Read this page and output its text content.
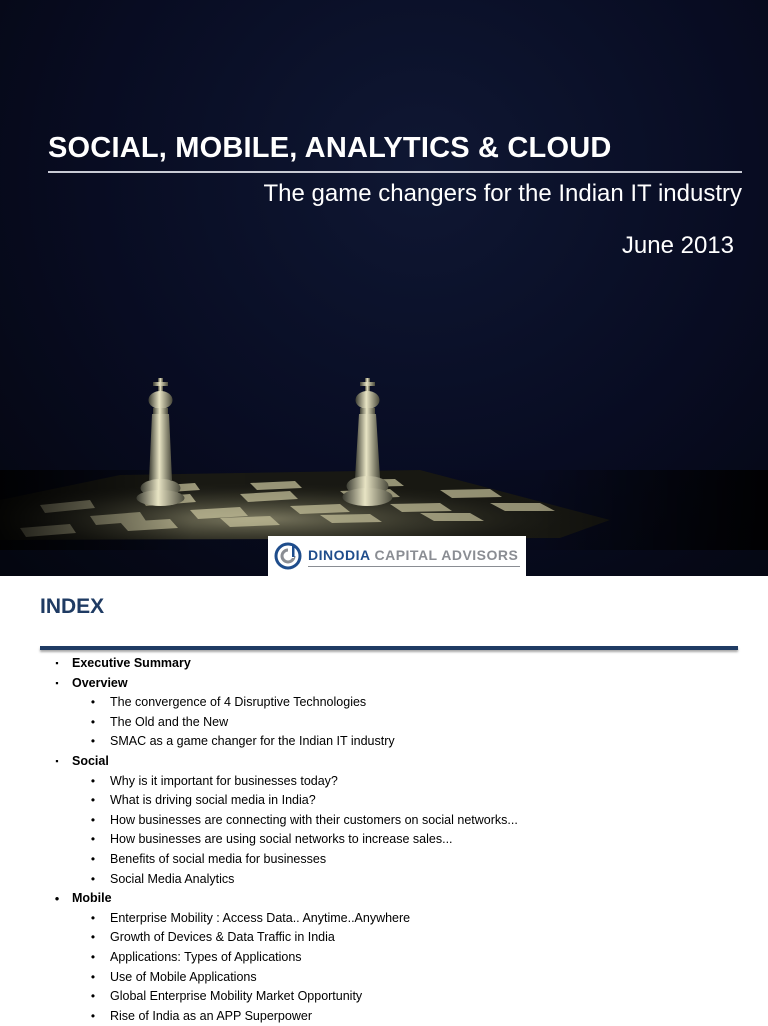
SOCIAL, MOBILE, ANALYTICS & CLOUD
The game changers for the Indian IT industry
June 2013
DINODIA CAPITAL ADVISORS
INDEX
▪	Executive Summary
▪	Overview
•	The convergence of 4 Disruptive Technologies
•	The Old and the New
•	SMAC as a game changer for the Indian IT industry
▪	Social
•	Why is it important for businesses today?
•	What is driving social media in India?
•	How businesses are connecting with their customers on social networks...
•	How businesses are using social networks to increase sales...
•	Benefits of social media for businesses
•	Social Media Analytics
•	Mobile
•	Enterprise Mobility : Access Data.. Anytime..Anywhere
•	Growth of Devices & Data Traffic in India
•	Applications: Types of Applications
•	Use of Mobile Applications
•	Global Enterprise Mobility Market Opportunity
•	Rise of India as an APP Superpower
